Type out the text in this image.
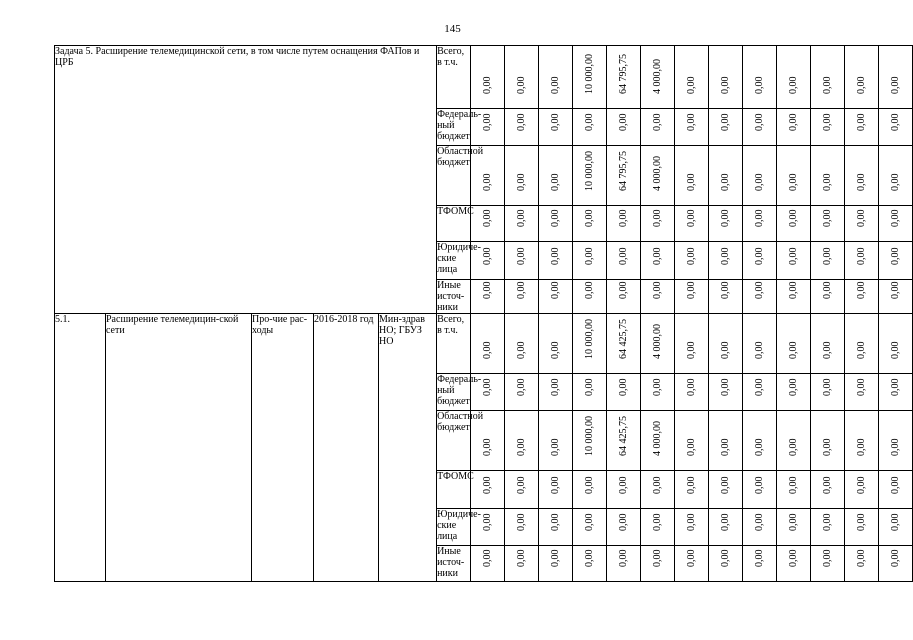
145
Задача 5. Расширение телемедицинской сети, в том числе путем оснащения ФАПов и ЦРБ					Всего, в т.ч.	0,00	0,00	0,00	10 000,00	64 795,75	4 000,00	0,00	0,00	0,00	0,00	0,00	0,00	0,00

					Федераль-ный бюджет	0,00	0,00	0,00	0,00	0,00	0,00	0,00	0,00	0,00	0,00	0,00	0,00	0,00

					Областной бюджет	0,00	0,00	0,00	10 000,00	64 795,75	4 000,00	0,00	0,00	0,00	0,00	0,00	0,00	0,00

					ТФОМС	0,00	0,00	0,00	0,00	0,00	0,00	0,00	0,00	0,00	0,00	0,00	0,00	0,00

					Юридиче-ские лица	0,00	0,00	0,00	0,00	0,00	0,00	0,00	0,00	0,00	0,00	0,00	0,00	0,00

					Иные источ-ники	0,00	0,00	0,00	0,00	0,00	0,00	0,00	0,00	0,00	0,00	0,00	0,00	0,00

5.1.	Расширение телемедицин-ской сети	Про-чие рас-ходы	2016-2018 год	Мин-здрав НО; ГБУЗ НО	Всего, в т.ч.	0,00	0,00	0,00	10 000,00	64 425,75	4 000,00	0,00	0,00	0,00	0,00	0,00	0,00	0,00

					Федераль-ный бюджет	0,00	0,00	0,00	0,00	0,00	0,00	0,00	0,00	0,00	0,00	0,00	0,00	0,00

					Областной бюджет	0,00	0,00	0,00	10 000,00	64 425,75	4 000,00	0,00	0,00	0,00	0,00	0,00	0,00	0,00

					ТФОМС	0,00	0,00	0,00	0,00	0,00	0,00	0,00	0,00	0,00	0,00	0,00	0,00	0,00

					Юридиче-ские лица	0,00	0,00	0,00	0,00	0,00	0,00	0,00	0,00	0,00	0,00	0,00	0,00	0,00

					Иные источ-ники	0,00	0,00	0,00	0,00	0,00	0,00	0,00	0,00	0,00	0,00	0,00	0,00	0,00
